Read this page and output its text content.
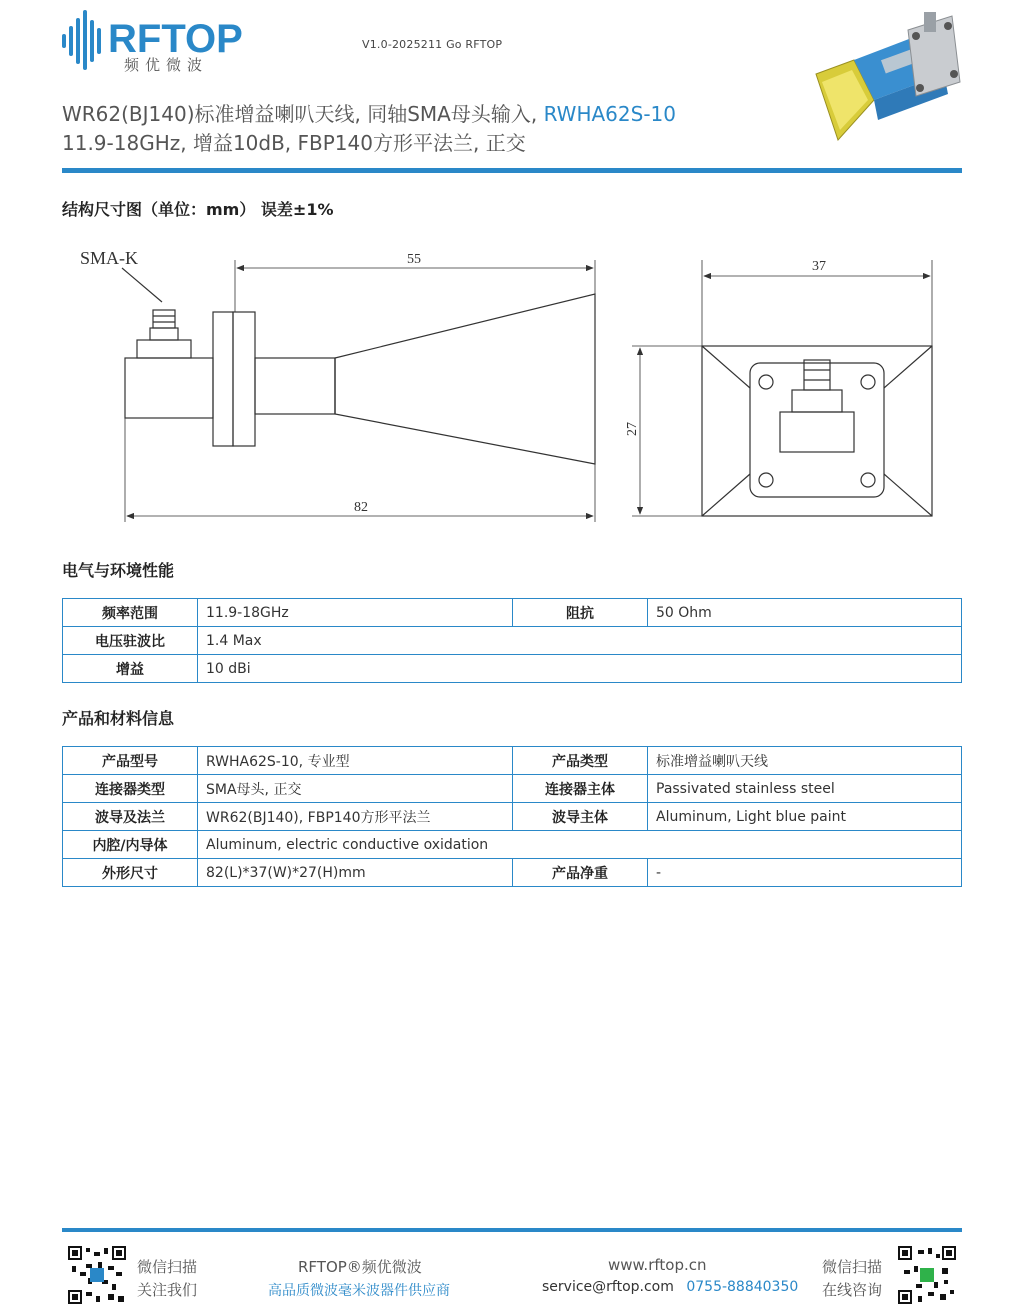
RFTOP
频优微波
V1.0-2025211 Go RFTOP
WR62(BJ140)标准增益喇叭天线, 同轴SMA母头输入, RWHA62S-10
11.9-18GHz, 增益10dB, FBP140方形平法兰, 正交
结构尺寸图（单位：mm） 误差±1%
SMA-K	55
82
37
27
电气与环境性能
频率范围	11.9-18GHz	阻抗	50 Ohm
电压驻波比	1.4 Max		
增益	10 dBi		
产品和材料信息
产品型号	RWHA62S-10, 专业型	产品类型	标准增益喇叭天线
连接器类型	SMA母头, 正交	连接器主体	Passivated stainless steel
波导及法兰	WR62(BJ140), FBP140方形平法兰	波导主体	Aluminum, Light blue paint
内腔/内导体	Aluminum, electric conductive oxidation		
外形尺寸	82(L)*37(W)*27(H)mm	产品净重	-
微信扫描
关注我们
RFTOP®频优微波
高品质微波毫米波器件供应商
www.rftop.cn
service@rftop.com 0755-88840350
微信扫描
在线咨询
